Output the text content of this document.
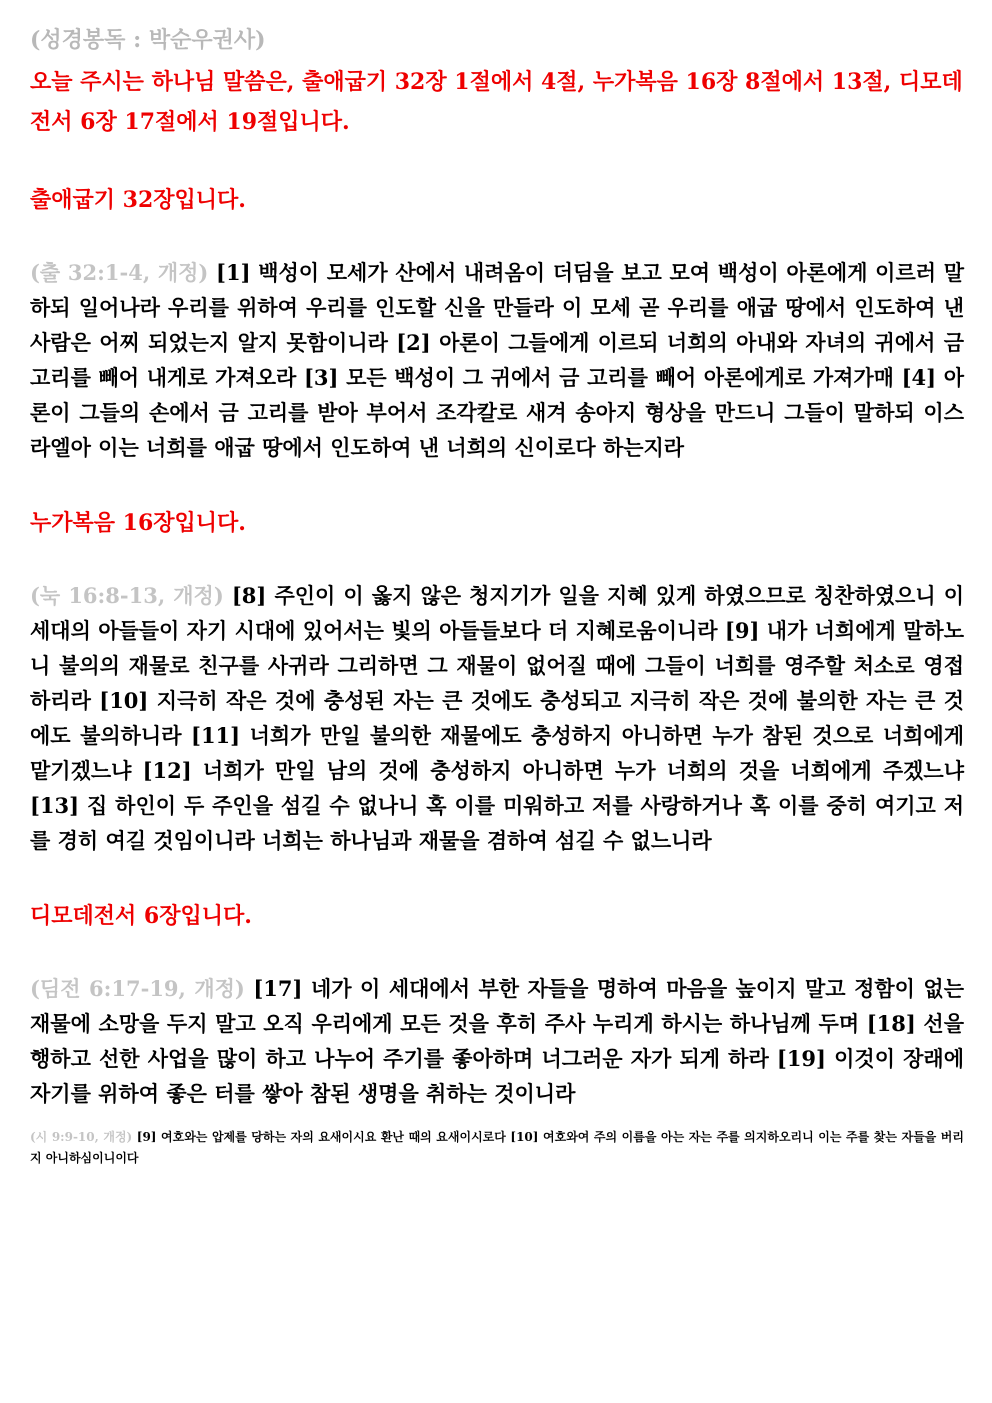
(성경봉독 : 박순우권사)

오늘 주시는 하나님 말씀은, 출애굽기 32장 1절에서 4절, 누가복음 16장 8절에서 13절, 디모데전서 6장 17절에서 19절입니다.

출애굽기 32장입니다.

(출 32:1-4, 개정) [1] 백성이 모세가 산에서 내려옴이 더딤을 보고 모여 백성이 아론에게 이르러 말하되 일어나라 우리를 위하여 우리를 인도할 신을 만들라 이 모세 곧 우리를 애굽 땅에서 인도하여 낸 사람은 어찌 되었는지 알지 못함이니라 [2] 아론이 그들에게 이르되 너희의 아내와 자녀의 귀에서 금 고리를 빼어 내게로 가져오라 [3] 모든 백성이 그 귀에서 금 고리를 빼어 아론에게로 가져가매 [4] 아론이 그들의 손에서 금 고리를 받아 부어서 조각칼로 새겨 송아지 형상을 만드니 그들이 말하되 이스라엘아 이는 너희를 애굽 땅에서 인도하여 낸 너희의 신이로다 하는지라

누가복음 16장입니다.

(눅 16:8-13, 개정) [8] 주인이 이 옳지 않은 청지기가 일을 지혜 있게 하였으므로 칭찬하였으니 이 세대의 아들들이 자기 시대에 있어서는 빛의 아들들보다 더 지혜로움이니라 [9] 내가 너희에게 말하노니 불의의 재물로 친구를 사귀라 그리하면 그 재물이 없어질 때에 그들이 너희를 영주할 처소로 영접하리라 [10] 지극히 작은 것에 충성된 자는 큰 것에도 충성되고 지극히 작은 것에 불의한 자는 큰 것에도 불의하니라 [11] 너희가 만일 불의한 재물에도 충성하지 아니하면 누가 참된 것으로 너희에게 맡기겠느냐 [12] 너희가 만일 남의 것에 충성하지 아니하면 누가 너희의 것을 너희에게 주겠느냐 [13] 집 하인이 두 주인을 섬길 수 없나니 혹 이를 미워하고 저를 사랑하거나 혹 이를 중히 여기고 저를 경히 여길 것임이니라 너희는 하나님과 재물을 겸하여 섬길 수 없느니라

디모데전서 6장입니다.

(딤전 6:17-19, 개정) [17] 네가 이 세대에서 부한 자들을 명하여 마음을 높이지 말고 정함이 없는 재물에 소망을 두지 말고 오직 우리에게 모든 것을 후히 주사 누리게 하시는 하나님께 두며 [18] 선을 행하고 선한 사업을 많이 하고 나누어 주기를 좋아하며 너그러운 자가 되게 하라 [19] 이것이 장래에 자기를 위하여 좋은 터를 쌓아 참된 생명을 취하는 것이니라

(시 9:9-10, 개정) [9] 여호와는 압제를 당하는 자의 요새이시요 환난 때의 요새이시로다 [10] 여호와여 주의 이름을 아는 자는 주를 의지하오리니 이는 주를 찾는 자들을 버리지 아니하심이니이다
